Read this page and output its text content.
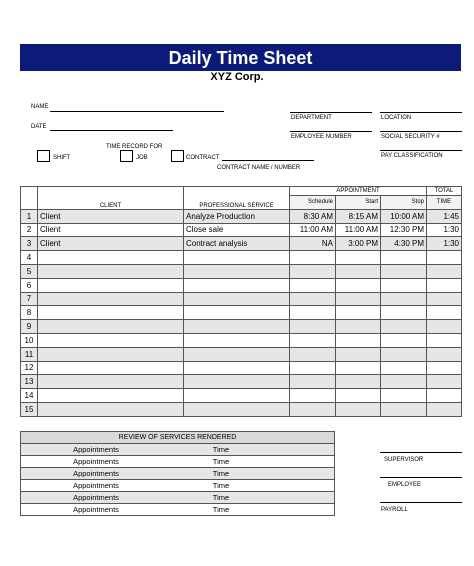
Daily Time Sheet
XYZ Corp.
NAME
DATE
TIME RECORD FOR
SHIFT	JOB	CONTRACT
CONTRACT NAME / NUMBER
DEPARTMENT	LOCATION
EMPLOYEE NUMBER	SOCIAL SECURITY #
PAY CLASSIFICATION
	CLIENT	PROFESSIONAL SERVICE	APPOINTMENT			TOTAL
			Schedule	Start	Stop	TIME
1	Client	Analyze Production	8:30 AM	8:15 AM	10:00 AM	1:45
2	Client	Close sale	11:00 AM	11:00 AM	12:30 PM	1:30
3	Client	Contract analysis	NA	3:00 PM	4:30 PM	1:30
4						
5						
6						
7						
8						
9						
10						
11						
12						
13						
14						
15						
REVIEW OF SERVICES RENDERED
Appointments	Time
Appointments	Time
Appointments	Time
Appointments	Time
Appointments	Time
Appointments	Time
SUPERVISOR
EMPLOYEE
PAYROLL
